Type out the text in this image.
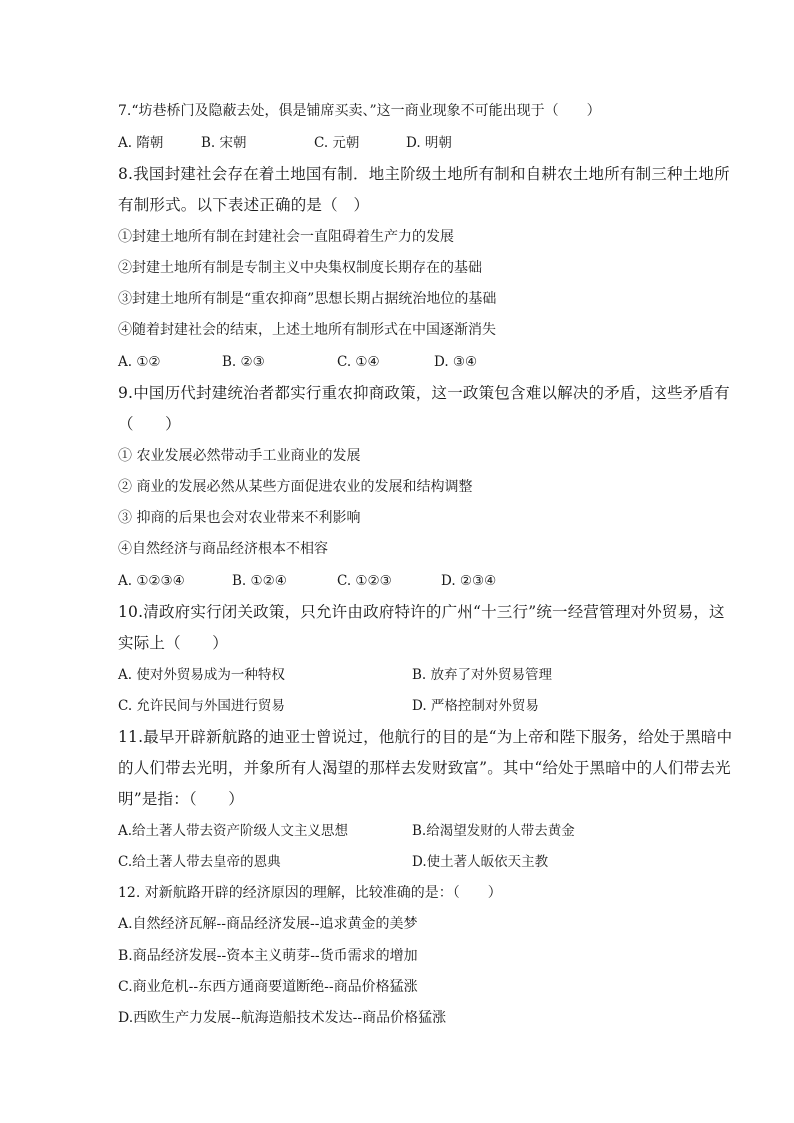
7.“坊巷桥门及隐蔽去处，俱是铺席买卖、”这一商业现象不可能出现于（　　）
A. 隋朝	B. 宋朝	C. 元朝	D. 明朝
8.我国封建社会存在着土地国有制．地主阶级土地所有制和自耕农土地所有制三种土地所
有制形式。以下表述正确的是（　）
①封建土地所有制在封建社会一直阻碍着生产力的发展
②封建土地所有制是专制主义中央集权制度长期存在的基础
③封建土地所有制是“重农抑商”思想长期占据统治地位的基础
④随着封建社会的结束，上述土地所有制形式在中国逐渐消失
A. ①②	B. ②③	C. ①④	D. ③④
9.中国历代封建统治者都实行重农抑商政策，这一政策包含难以解决的矛盾，这些矛盾有
（　　）
① 农业发展必然带动手工业商业的发展
② 商业的发展必然从某些方面促进农业的发展和结构调整
③ 抑商的后果也会对农业带来不利影响
④自然经济与商品经济根本不相容
A. ①②③④	B. ①②④	C. ①②③	D. ②③④
10.清政府实行闭关政策，只允许由政府特许的广州“十三行”统一经营管理对外贸易，这
实际上（　　）
A. 使对外贸易成为一种特权	B. 放弃了对外贸易管理
C. 允许民间与外国进行贸易	D. 严格控制对外贸易
11.最早开辟新航路的迪亚士曾说过，他航行的目的是“为上帝和陛下服务，给处于黑暗中
的人们带去光明，并象所有人渴望的那样去发财致富”。其中“给处于黑暗中的人们带去光
明”是指：（　　）
A.给土著人带去资产阶级人文主义思想	B.给渴望发财的人带去黄金
C.给土著人带去皇帝的恩典	D.使土著人皈依天主教
12. 对新航路开辟的经济原因的理解，比较准确的是：（　　）
A.自然经济瓦解--商品经济发展--追求黄金的美梦
B.商品经济发展--资本主义萌芽--货币需求的增加
C.商业危机--东西方通商要道断绝--商品价格猛涨
D.西欧生产力发展--航海造船技术发达--商品价格猛涨
